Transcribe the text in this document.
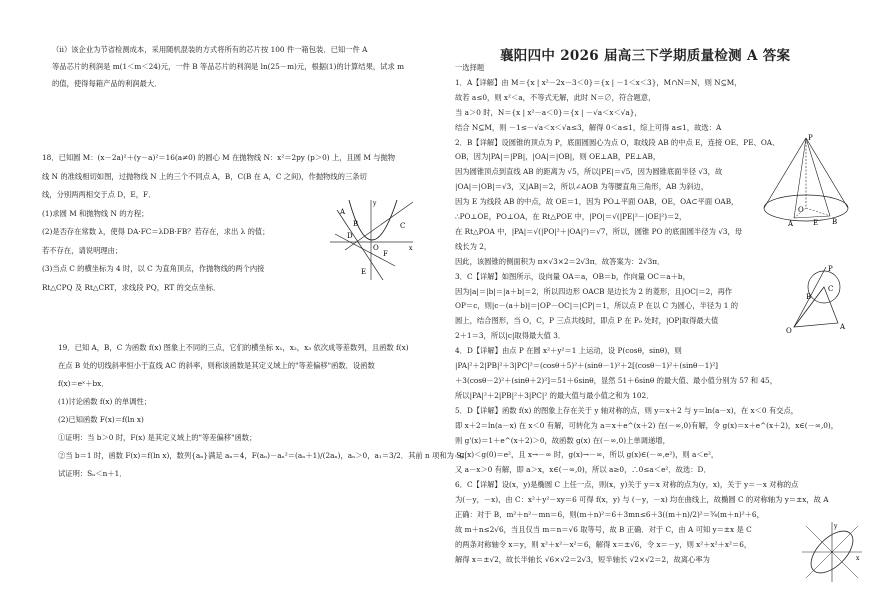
（ii）该企业为节省检测成本，采用随机混装的方式将所有的芯片按 100 件一箱包装．已知一件 A
等品芯片的利润是 m(1＜m＜24)元，一件 B 等品芯片的利润是 ln(25－m)元，根据(1)的计算结果，试求 m
的值，使得每箱产品的利润最大．
18．已知圆 M：(x－2a)²＋(y－a)²＝16(a≠0) 的圆心 M 在抛物线 N：x²＝2py (p＞0) 上，且圆 M 与抛物
线 N 的准线相切如图，过抛物线 N 上的三个不同点 A，B，C(B 在 A，C 之间)，作抛物线的三条切
线，分别两两相交于点 D，E，F．
(1)求圆 M 和抛物线 N 的方程；
(2)是否存在常数 λ，使得 DA·FC＝λDB·FB？若存在，求出 λ 的值；
若不存在，请说明理由；
(3)当点 C 的横坐标为 4 时，以 C 为直角顶点，作抛物线的两个内接
Rt△CPQ 及 Rt△CRT，求线段 PQ，RT 的交点坐标．
19．已知 A，B，C 为函数 f(x) 图象上不同的三点，它们的横坐标 x₁，x₂，x₃ 依次成等差数列，且函数 f(x)
在点 B 处的切线斜率恒小于直线 AC 的斜率，则称该函数是其定义域上的"等差偏移"函数．设函数
f(x)＝eˣ＋bx．
(1)讨论函数 f(x) 的单调性；
(2)已知函数 F(x)＝f(ln x)
①证明：当 b＞0 时，F(x) 是其定义域上的"等差偏移"函数；
②当 b＝1 时，函数 F(x)＝f(ln x)，数列{aₙ}满足 aₙ＝4，F(aₙ)－aₙ²＝(aₙ＋1)/(2aₙ)，aₙ＞0，a₁＝3/2．其前 n 项和为 Sₙ，
试证明：Sₙ＜n＋1．
A
B	C
D
E
F
O	x
y
襄阳四中 2026 届高三下学期质量检测 A 答案
一选择题
1．A【详解】由 M＝{x | x²－2x－3＜0}＝{x | －1＜x＜3}，M∩N＝N，则 N⊆M，
故若 a≤0，则 x²＜a，不等式无解，此时 N＝∅，符合题意，
当 a＞0 时，N＝{x | x²－a＜0}＝{x | －√a＜x＜√a}，
结合 N⊆M，则 －1≤－√a＜x＜√a≤3，解得 0＜a≤1，综上可得 a≤1，故选：A
2．B【详解】设圆锥的顶点为 P，底面圆圆心为点 O，取线段 AB 的中点 E，连接 OE、PE、OA、
OB，因为|PA|＝|PB|，|OA|＝|OB|，则 OE⊥AB，PE⊥AB，
因为圆锥顶点到直线 AB 的距离为 √5，所以|PE|＝√5，因为圆锥底面半径 √3，故
|OA|＝|OB|＝√3，又|AB|＝2，所以∠AOB 为等腰直角三角形，AB 为斜边，
因为 E 为线段 AB 的中点，故 OE＝1，因为 PO⊥平面 OAB，OE，OA⊂平面 OAB，
∴PO⊥OE，PO⊥OA，在 Rt△POE 中，|PO|＝√(|PE|²－|OE|²)＝2，
在 Rt△POA 中，|PA|＝√(|PO|²＋|OA|²)＝√7，所以，圆锥 PO 的底面圆半径为 √3，母
线长为 2，
因此，该圆锥的侧面积为 π×√3×2＝2√3π．故答案为：2√3π．
3．C【详解】如图所示，设向量 OA＝a，OB＝b，作向量 OC＝a＋b，
因为|a|＝|b|＝|a＋b|＝2，所以四边形 OACB 是边长为 2 的菱形，且|OC|＝2，再作
OP＝c，则|c－(a＋b)|＝|OP－OC|＝|CP|＝1，所以点 P 在以 C 为圆心，半径为 1 的
圆上，结合图形，当 O，C，P 三点共线时，即点 P 在 P₀ 处时，|OP|取得最大值
2＋1＝3，所以|c|取得最大值 3．
4．D【详解】由点 P 在圆 x²＋y²＝1 上运动，设 P(cosθ，sinθ)，则
|PA|²＋2|PB|²＋3|PC|²＝(cosθ＋5)²＋(sinθ－1)²＋2[(cosθ－1)²＋(sinθ－1)²]
＋3(cosθ－2)²＋(sinθ＋2)²]＝51＋6sinθ，显然 51＋6sinθ 的最大值、最小值分别为 57 和 45，
所以|PA|²＋2|PB|²＋3|PC|² 的最大值与最小值之和为 102．
5．D【详解】函数 f(x) 的图象上存在关于 y 轴对称的点，则 y＝x＋2 与 y＝ln(a－x)，在 x＜0 有交点，
即 x＋2＝ln(a－x) 在 x＜0 有解，可转化为 a＝x＋e^(x＋2) 在(－∞,0)有解，令 g(x)＝x＋e^(x＋2)，x∈(－∞,0)，
则 g'(x)＝1＋e^(x＋2)＞0，故函数 g(x) 在(－∞,0)上单调递增，
∴g(x)＜g(0)＝e²，且 x→－∞ 时，g(x)→－∞，所以 g(x)∈(－∞,e²)，则 a＜e²，
又 a－x＞0 有解，即 a＞x，x∈(－∞,0)，所以 a≥0，∴0≤a＜e²．故选：D．
6．C【详解】设(x，y)是椭圆 C 上任一点，则(x，y)关于 y＝x 对称的点为(y，x)，关于 y＝－x 对称的点
为(－y，－x)，由 C：x²＋y²－xy＝6 可得 f(x，y) 与 (－y，－x) 均在曲线上，故椭圆 C 的对称轴为 y＝±x，故 A
正确：对于 B，m²＋n²－mn＝6，则(m＋n)²＝6＋3mn≤6＋3((m＋n)/2)²＝¾(m＋n)²＋6，
故 m＋n≤2√6，当且仅当 m＝n＝√6 取等号，故 B 正确．对于 C，由 A 可知 y＝±x 是 C
的两条对称轴令 x＝y，则 x²＋x²－x²＝6，解得 x＝±√6，令 x＝－y，则 x²＋x²＋x²＝6，
解得 x＝±√2，故长半轴长 √6×√2＝2√3，短半轴长 √2×√2＝2，故离心率为
P
O
A	B
E
O	A
B
C
P
y
x
